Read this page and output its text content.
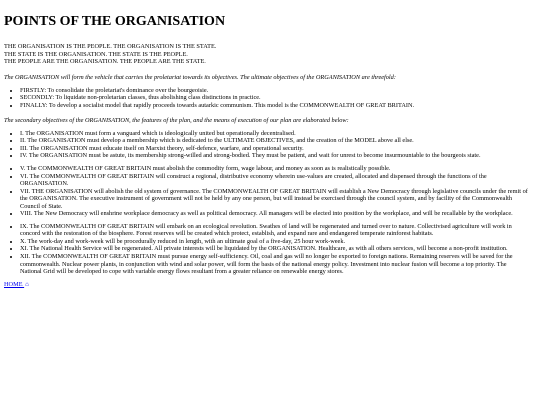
POINTS OF THE ORGANISATION
THE ORGANISATION IS THE PEOPLE. THE ORGANISATION IS THE STATE.
THE STATE IS THE ORGANISATION. THE STATE IS THE PEOPLE.
THE PEOPLE ARE THE ORGANISATION. THE PEOPLE ARE THE STATE.

The ORGANISATION will form the vehicle that carries the proletariat towards its objectives. The ultimate objectives of the ORGANISATION are threefold:

• FIRSTLY: To consolidate the proletariat's dominance over the bourgeoisie.
• SECONDLY: To liquidate non-proletarian classes, thus abolishing class distinctions in practice.
• FINALLY: To develop a socialist model that rapidly proceeds towards autarkic communism. This model is the COMMONWEALTH OF GREAT BRITAIN.

The secondary objectives of the ORGANISATION, the features of the plan, and the means of execution of our plan are elaborated below:

• I. The ORGANISATION must form a vanguard which is ideologically united but operationally decentralised.
• II. The ORGANISATION must develop a membership which is dedicated to the ULTIMATE OBJECTIVES, and the creation of the MODEL above all else.
• III. The ORGANISATION must educate itself on Marxist theory, self-defence, warfare, and operational security.
• IV. The ORGANISATION must be astute, its membership strong-willed and strong-bodied. They must be patient, and wait for unrest to become insurmountable to the bourgeois state.
• V. The COMMONWEALTH OF GREAT BRITAIN must abolish the commodity form, wage labour, and money as soon as is realistically possible.
• VI. The COMMONWEALTH OF GREAT BRITAIN will construct a regional, distributive economy wherein use-values are created, allocated and dispensed through the functions of the ORGANISATION.
• VII. THE ORGANISATION will abolish the old system of governance. The COMMONWEALTH OF GREAT BRITAIN will establish a New Democracy through legislative councils under the remit of the ORGANISATION. The executive instrument of government will not be held by any one person, but will instead be exercised through the council system, and by facility of the Commonwealth Council of State.
• VIII. The New Democracy will enshrine workplace democracy as well as political democracy. All managers will be elected into position by the workplace, and will be recallable by the workplace.
• IX. The COMMONWEALTH OF GREAT BRITAIN will embark on an ecological revolution. Swathes of land will be regenerated and turned over to nature. Collectivised agriculture will work in concord with the restoration of the biosphere. Forest reserves will be created which protect, establish, and expand rare and endangered temperate rainforest habitats.
• X. The work-day and work-week will be procedurally reduced in length, with an ultimate goal of a five-day, 25 hour work-week.
• XI. The National Health Service will be regenerated. All private interests will be liquidated by the ORGANISATION. Healthcare, as with all others services, will become a non-profit institution.
• XII. The COMMONWEALTH OF GREAT BRITAIN must pursue energy self-sufficiency. Oil, coal and gas will no longer be exported to foreign nations. Remaining reserves will be saved for the commonwealth. Nuclear power plants, in conjunction with wind and solar power, will form the basis of the national energy policy. Investment into nuclear fusion will become a top priority. The National Grid will be developed to cope with variable energy flows resultant from a greater reliance on renewable energy stores.
HOME ⌂
